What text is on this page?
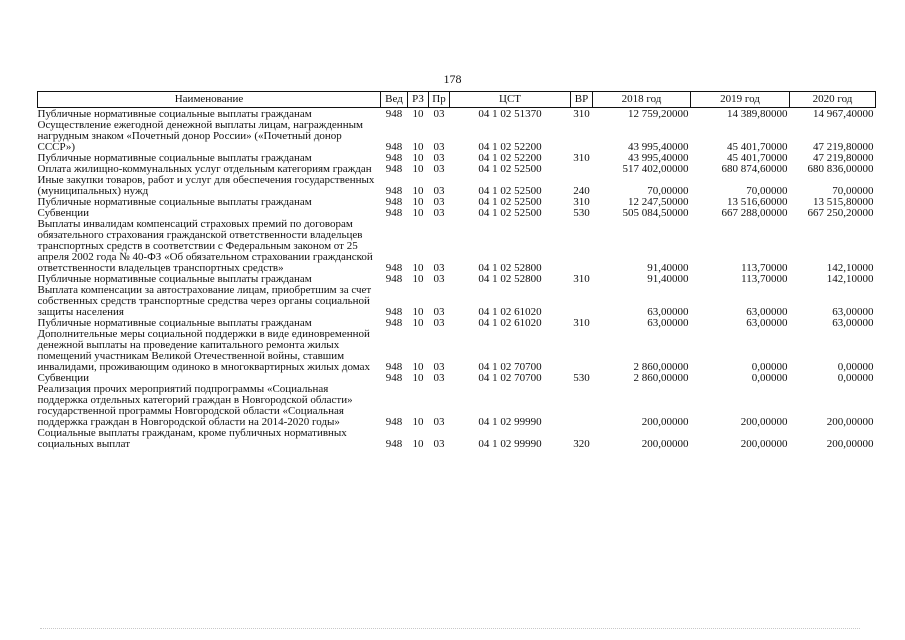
178
Наименование	Вед	РЗ	Пр	ЦСТ	ВР	2018 год	2019 год	2020 год
Публичные нормативные социальные выплаты гражданам	948	10	03	04 1 02 51370	310	12 759,20000	14 389,80000	14 967,40000
Осуществление ежегодной денежной выплаты лицам, награжденным нагрудным знаком «Почетный донор России» («Почетный донор СССР»)	948	10	03	04 1 02 52200		43 995,40000	45 401,70000	47 219,80000
Публичные нормативные социальные выплаты гражданам	948	10	03	04 1 02 52200	310	43 995,40000	45 401,70000	47 219,80000
Оплата жилищно-коммунальных услуг отдельным категориям граждан	948	10	03	04 1 02 52500		517 402,00000	680 874,60000	680 836,00000
Иные закупки товаров, работ и услуг для обеспечения государственных (муниципальных) нужд	948	10	03	04 1 02 52500	240	70,00000	70,00000	70,00000
Публичные нормативные социальные выплаты гражданам	948	10	03	04 1 02 52500	310	12 247,50000	13 516,60000	13 515,80000
Субвенции	948	10	03	04 1 02 52500	530	505 084,50000	667 288,00000	667 250,20000
Выплаты инвалидам компенсаций страховых премий по договорам обязательного страхования гражданской ответственности владельцев транспортных средств в соответствии с Федеральным законом от 25 апреля 2002 года № 40-ФЗ «Об обязательном страховании гражданской ответственности владельцев транспортных средств»	948	10	03	04 1 02 52800		91,40000	113,70000	142,10000
Публичные нормативные социальные выплаты гражданам	948	10	03	04 1 02 52800	310	91,40000	113,70000	142,10000
Выплата компенсации за автострахование лицам, приобретшим за счет собственных средств транспортные средства через органы социальной защиты населения	948	10	03	04 1 02 61020		63,00000	63,00000	63,00000
Публичные нормативные социальные выплаты гражданам	948	10	03	04 1 02 61020	310	63,00000	63,00000	63,00000
Дополнительные меры социальной поддержки в виде единовременной денежной выплаты на проведение капитального ремонта жилых помещений участникам Великой Отечественной войны, ставшим инвалидами, проживающим одиноко в многоквартирных жилых домах	948	10	03	04 1 02 70700		2 860,00000	0,00000	0,00000
Субвенции	948	10	03	04 1 02 70700	530	2 860,00000	0,00000	0,00000
Реализация прочих мероприятий подпрограммы «Социальная поддержка отдельных категорий граждан в Новгородской области» государственной программы Новгородской области «Социальная поддержка граждан в Новгородской области на 2014-2020 годы»	948	10	03	04 1 02 99990		200,00000	200,00000	200,00000
Социальные выплаты гражданам, кроме публичных нормативных социальных выплат	948	10	03	04 1 02 99990	320	200,00000	200,00000	200,00000
